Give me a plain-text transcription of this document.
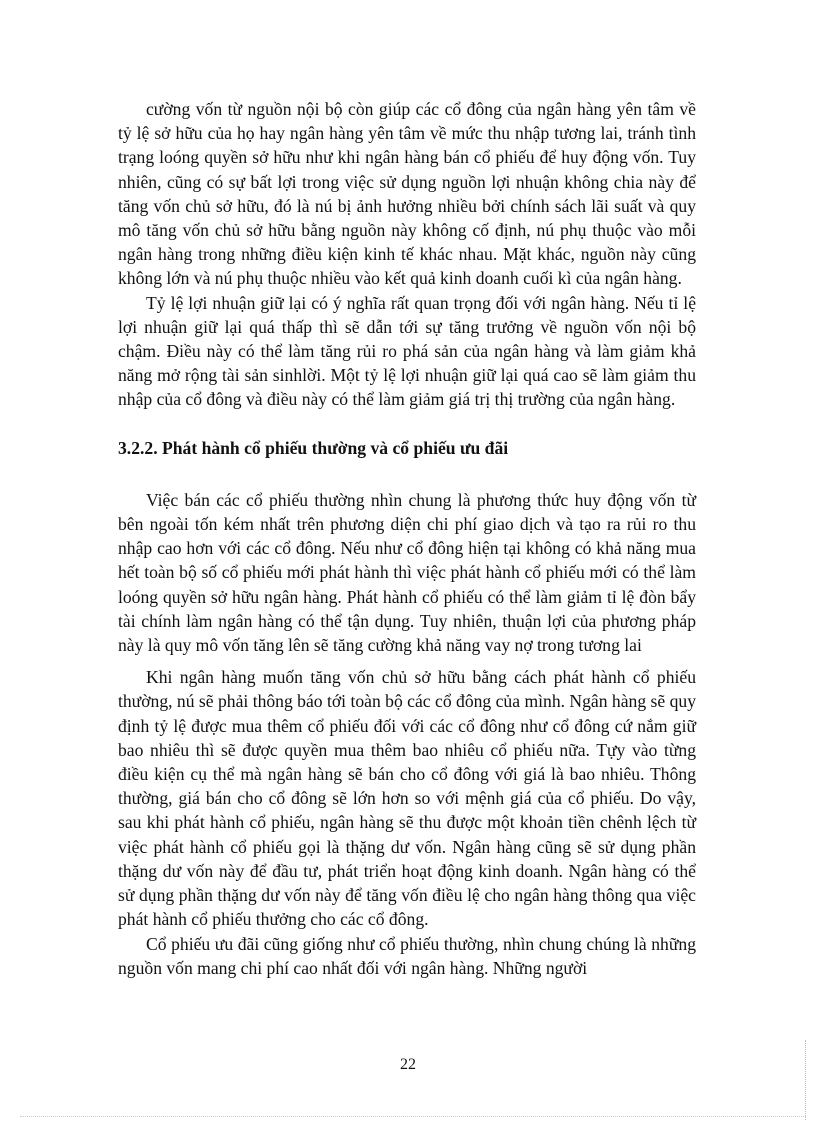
cường vốn từ nguồn nội bộ còn giúp các cổ đông của ngân hàng yên tâm về tỷ lệ sở hữu của họ hay ngân hàng yên tâm về mức thu nhập tương lai, tránh tình trạng loóng quyền sở hữu như khi ngân hàng bán cổ phiếu để huy động vốn. Tuy nhiên, cũng có sự bất lợi trong việc sử dụng nguồn lợi nhuận không chia này để tăng vốn chủ sở hữu, đó là nú bị ảnh hưởng nhiều bởi chính sách lãi suất và quy mô tăng vốn chủ sở hữu bằng nguồn này không cố định, nú phụ thuộc vào mỗi ngân hàng trong những điều kiện kinh tế khác nhau. Mặt khác, nguồn này cũng không lớn và nú phụ thuộc nhiều vào kết quả kinh doanh cuối kì của ngân hàng.

Tỷ lệ lợi nhuận giữ lại có ý nghĩa rất quan trọng đối với ngân hàng. Nếu tỉ lệ lợi nhuận giữ lại quá thấp thì sẽ dẫn tới sự tăng trưởng về nguồn vốn nội bộ chậm. Điều này có thể làm tăng rủi ro phá sản của ngân hàng và làm giảm khả năng mở rộng tài sản sinhlời. Một tỷ lệ lợi nhuận giữ lại quá cao sẽ làm giảm thu nhập của cổ đông và điều này có thể làm giảm giá trị thị trường của ngân hàng.

3.2.2. Phát hành cổ phiếu thường và cổ phiếu ưu đãi

Việc bán các cổ phiếu thường nhìn chung là phương thức huy động vốn từ bên ngoài tốn kém nhất trên phương diện chi phí giao dịch và tạo ra rủi ro thu nhập cao hơn với các cổ đông. Nếu như cổ đông hiện tại không có khả năng mua hết toàn bộ số cổ phiếu mới phát hành thì việc phát hành cổ phiếu mới có thể làm loóng quyền sở hữu ngân hàng. Phát hành cổ phiếu có thể làm giảm tỉ lệ đòn bẩy tài chính làm ngân hàng có thể tận dụng. Tuy nhiên, thuận lợi của phương pháp này là quy mô vốn tăng lên sẽ tăng cường khả năng vay nợ trong tương lai

Khi ngân hàng muốn tăng vốn chủ sở hữu bằng cách phát hành cổ phiếu thường, nú sẽ phải thông báo tới toàn bộ các cổ đông của mình. Ngân hàng sẽ quy định tỷ lệ được mua thêm cổ phiếu đối với các cổ đông như cổ đông cứ nắm giữ bao nhiêu thì sẽ được quyền mua thêm bao nhiêu cổ phiếu nữa. Tựy vào từng điều kiện cụ thể mà ngân hàng sẽ bán cho cổ đông với giá là bao nhiêu. Thông thường, giá bán cho cổ đông sẽ lớn hơn so với mệnh giá của cổ phiếu. Do vậy, sau khi phát hành cổ phiếu, ngân hàng sẽ thu được một khoản tiền chênh lệch từ việc phát hành cổ phiếu gọi là thặng dư vốn. Ngân hàng cũng sẽ sử dụng phần thặng dư vốn này để đầu tư, phát triển hoạt động kinh doanh. Ngân hàng có thể sử dụng phần thặng dư vốn này để tăng vốn điều lệ cho ngân hàng thông qua việc phát hành cổ phiếu thưởng cho các cổ đông.

Cổ phiếu ưu đãi cũng giống như cổ phiếu thường, nhìn chung chúng là những nguồn vốn mang chi phí cao nhất đối với ngân hàng. Những người

22
